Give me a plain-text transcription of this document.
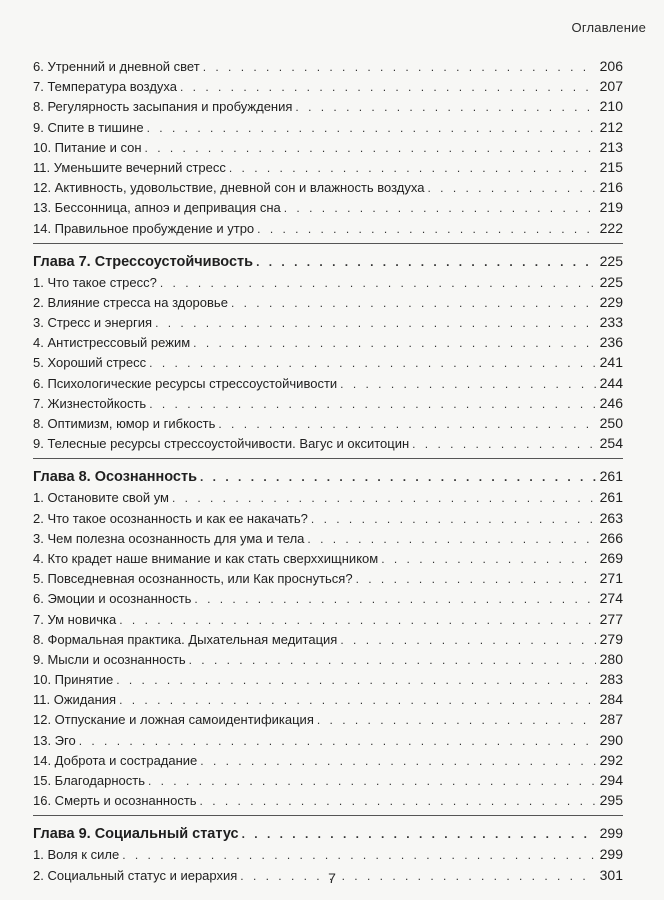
Оглавление
6. Утренний и дневной свет . . .	206
7. Температура воздуха . . .	207
8. Регулярность засыпания и пробуждения . . .	210
9. Спите в тишине . . .	212
10. Питание и сон . . .	213
11. Уменьшите вечерний стресс . . .	215
12. Активность, удовольствие, дневной сон и влажность воздуха . . .	216
13. Бессонница, апноэ и депривация сна . . .	219
14. Правильное пробуждение и утро . . .	222
Глава 7. Стрессоустойчивость . . .	225
1. Что такое стресс? . . .	225
2. Влияние стресса на здоровье . . .	229
3. Стресс и энергия . . .	233
4. Антистрессовый режим . . .	236
5. Хороший стресс . . .	241
6. Психологические ресурсы стрессоустойчивости . . .	244
7. Жизнестойкость . . .	246
8. Оптимизм, юмор и гибкость . . .	250
9. Телесные ресурсы стрессоустойчивости. Вагус и окситоцин . . .	254
Глава 8. Осознанность . . .	261
1. Остановите свой ум . . .	261
2. Что такое осознанность и как ее накачать? . . .	263
3. Чем полезна осознанность для ума и тела . . .	266
4. Кто крадет наше внимание и как стать сверххищником . . .	269
5. Повседневная осознанность, или Как проснуться? . . .	271
6. Эмоции и осознанность . . .	274
7. Ум новичка . . .	277
8. Формальная практика. Дыхательная медитация . . .	279
9. Мысли и осознанность . . .	280
10. Принятие . . .	283
11. Ожидания . . .	284
12. Отпускание и ложная самоидентификация . . .	287
13. Эго . . .	290
14. Доброта и сострадание . . .	292
15. Благодарность . . .	294
16. Смерть и осознанность . . .	295
Глава 9. Социальный статус . . .	299
1. Воля к силе . . .	299
2. Социальный статус и иерархия . . .	301
7
